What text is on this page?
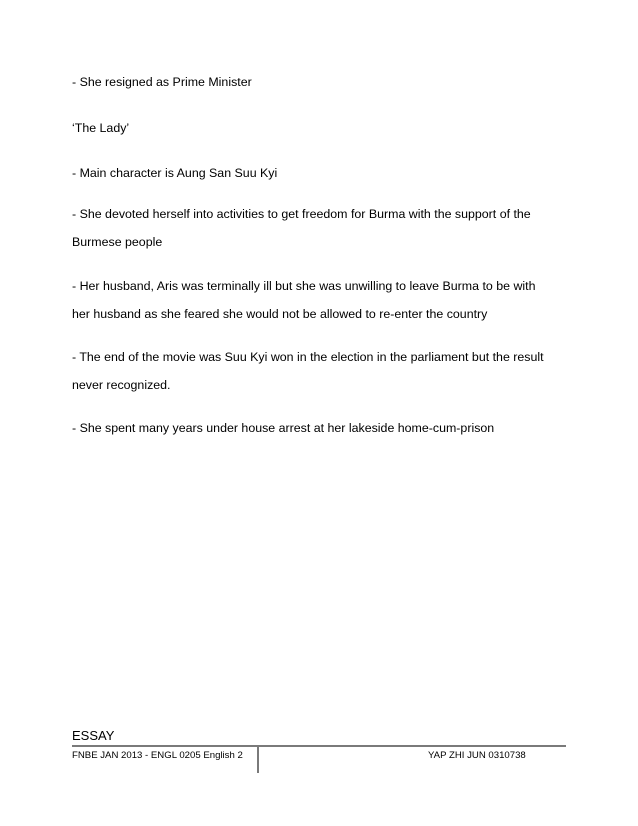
- She resigned as Prime Minister
‘The Lady’
- Main character is Aung San Suu Kyi
- She devoted herself into activities to get freedom for Burma with the support of the
Burmese people
- Her husband, Aris was terminally ill but she was unwilling to leave Burma to be with
her husband as she feared she would not be allowed to re-enter the country
- The end of the movie was Suu Kyi won in the election in the parliament but the result
never recognized.
- She spent many years under house arrest at her lakeside home-cum-prison
ESSAY
FNBE JAN 2013 - ENGL 0205 English 2	YAP ZHI JUN 0310738
